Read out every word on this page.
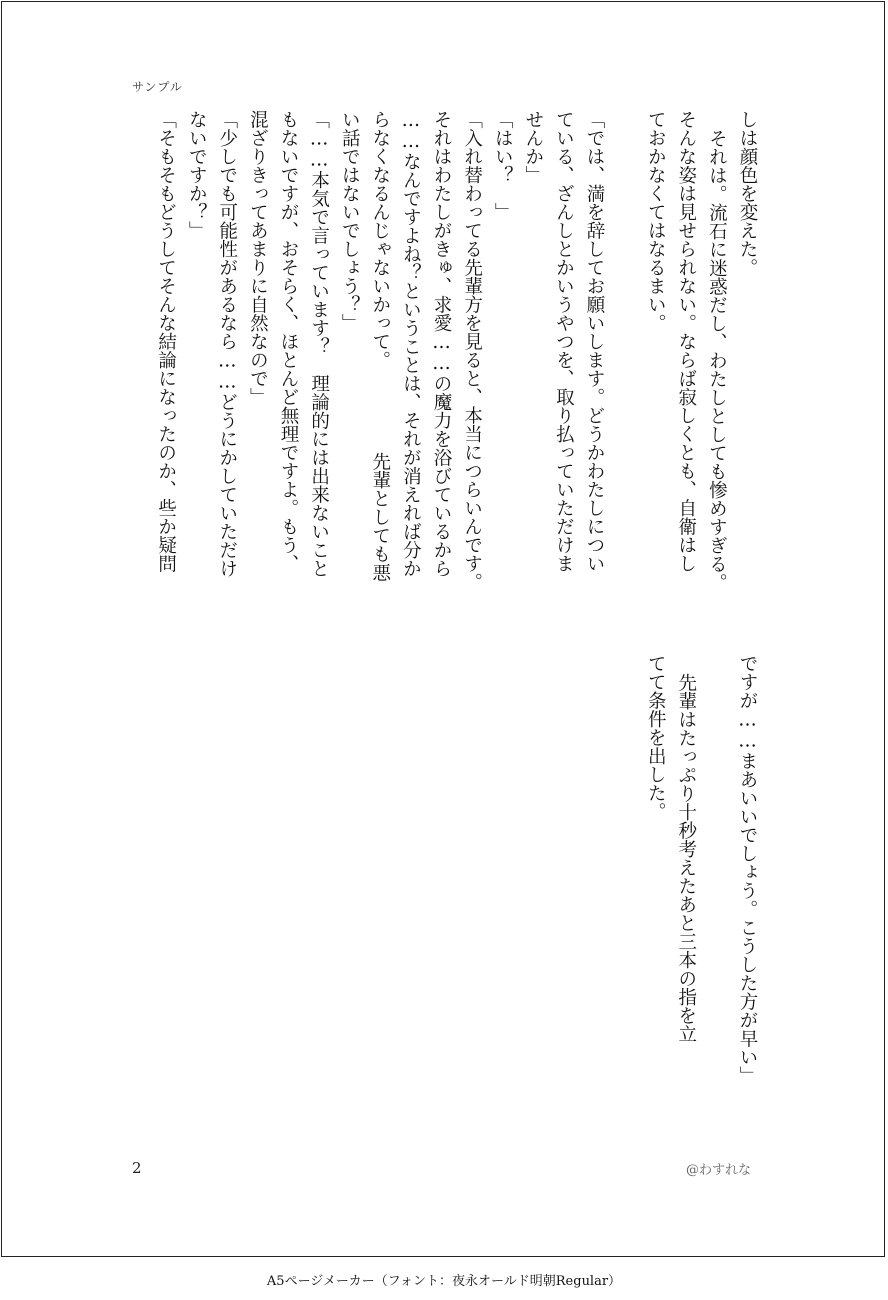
サンプル
しは顔色を変えた。
それは。流石に迷惑だし、わたしとしても惨めすぎる。
そんな姿は見せられない。ならば寂しくとも、自衛はし
ておかなくてはなるまい。
「では、満を辞してお願いします。どうかわたしについ
ている、ざんしとかいうやつを、取り払っていただけま
せんか」
「はい？　」
「入れ替わってる先輩方を見ると、本当につらいんです。
それはわたしがきゅ、求愛……の魔力を浴びているから
……なんですよね？ということは、それが消えれば分か
らなくなるんじゃないかって。　　　　　先輩としても悪
い話ではないでしょう？」
「……本気で言っています？　理論的には出来ないこと
もないですが、おそらく、ほとんど無理ですよ。もう、
混ざりきってあまりに自然なので」
「少しでも可能性があるなら……どうにかしていただけ
ないですか？」
「そもそもどうしてそんな結論になったのか、些か疑問
ですが……まあいいでしょう。こうした方が早い」
先輩はたっぷり十秒考えたあと三本の指を立
てて条件を出した。
2	@わすれな
A5ページメーカー（フォント：夜永オールド明朝Regular）
